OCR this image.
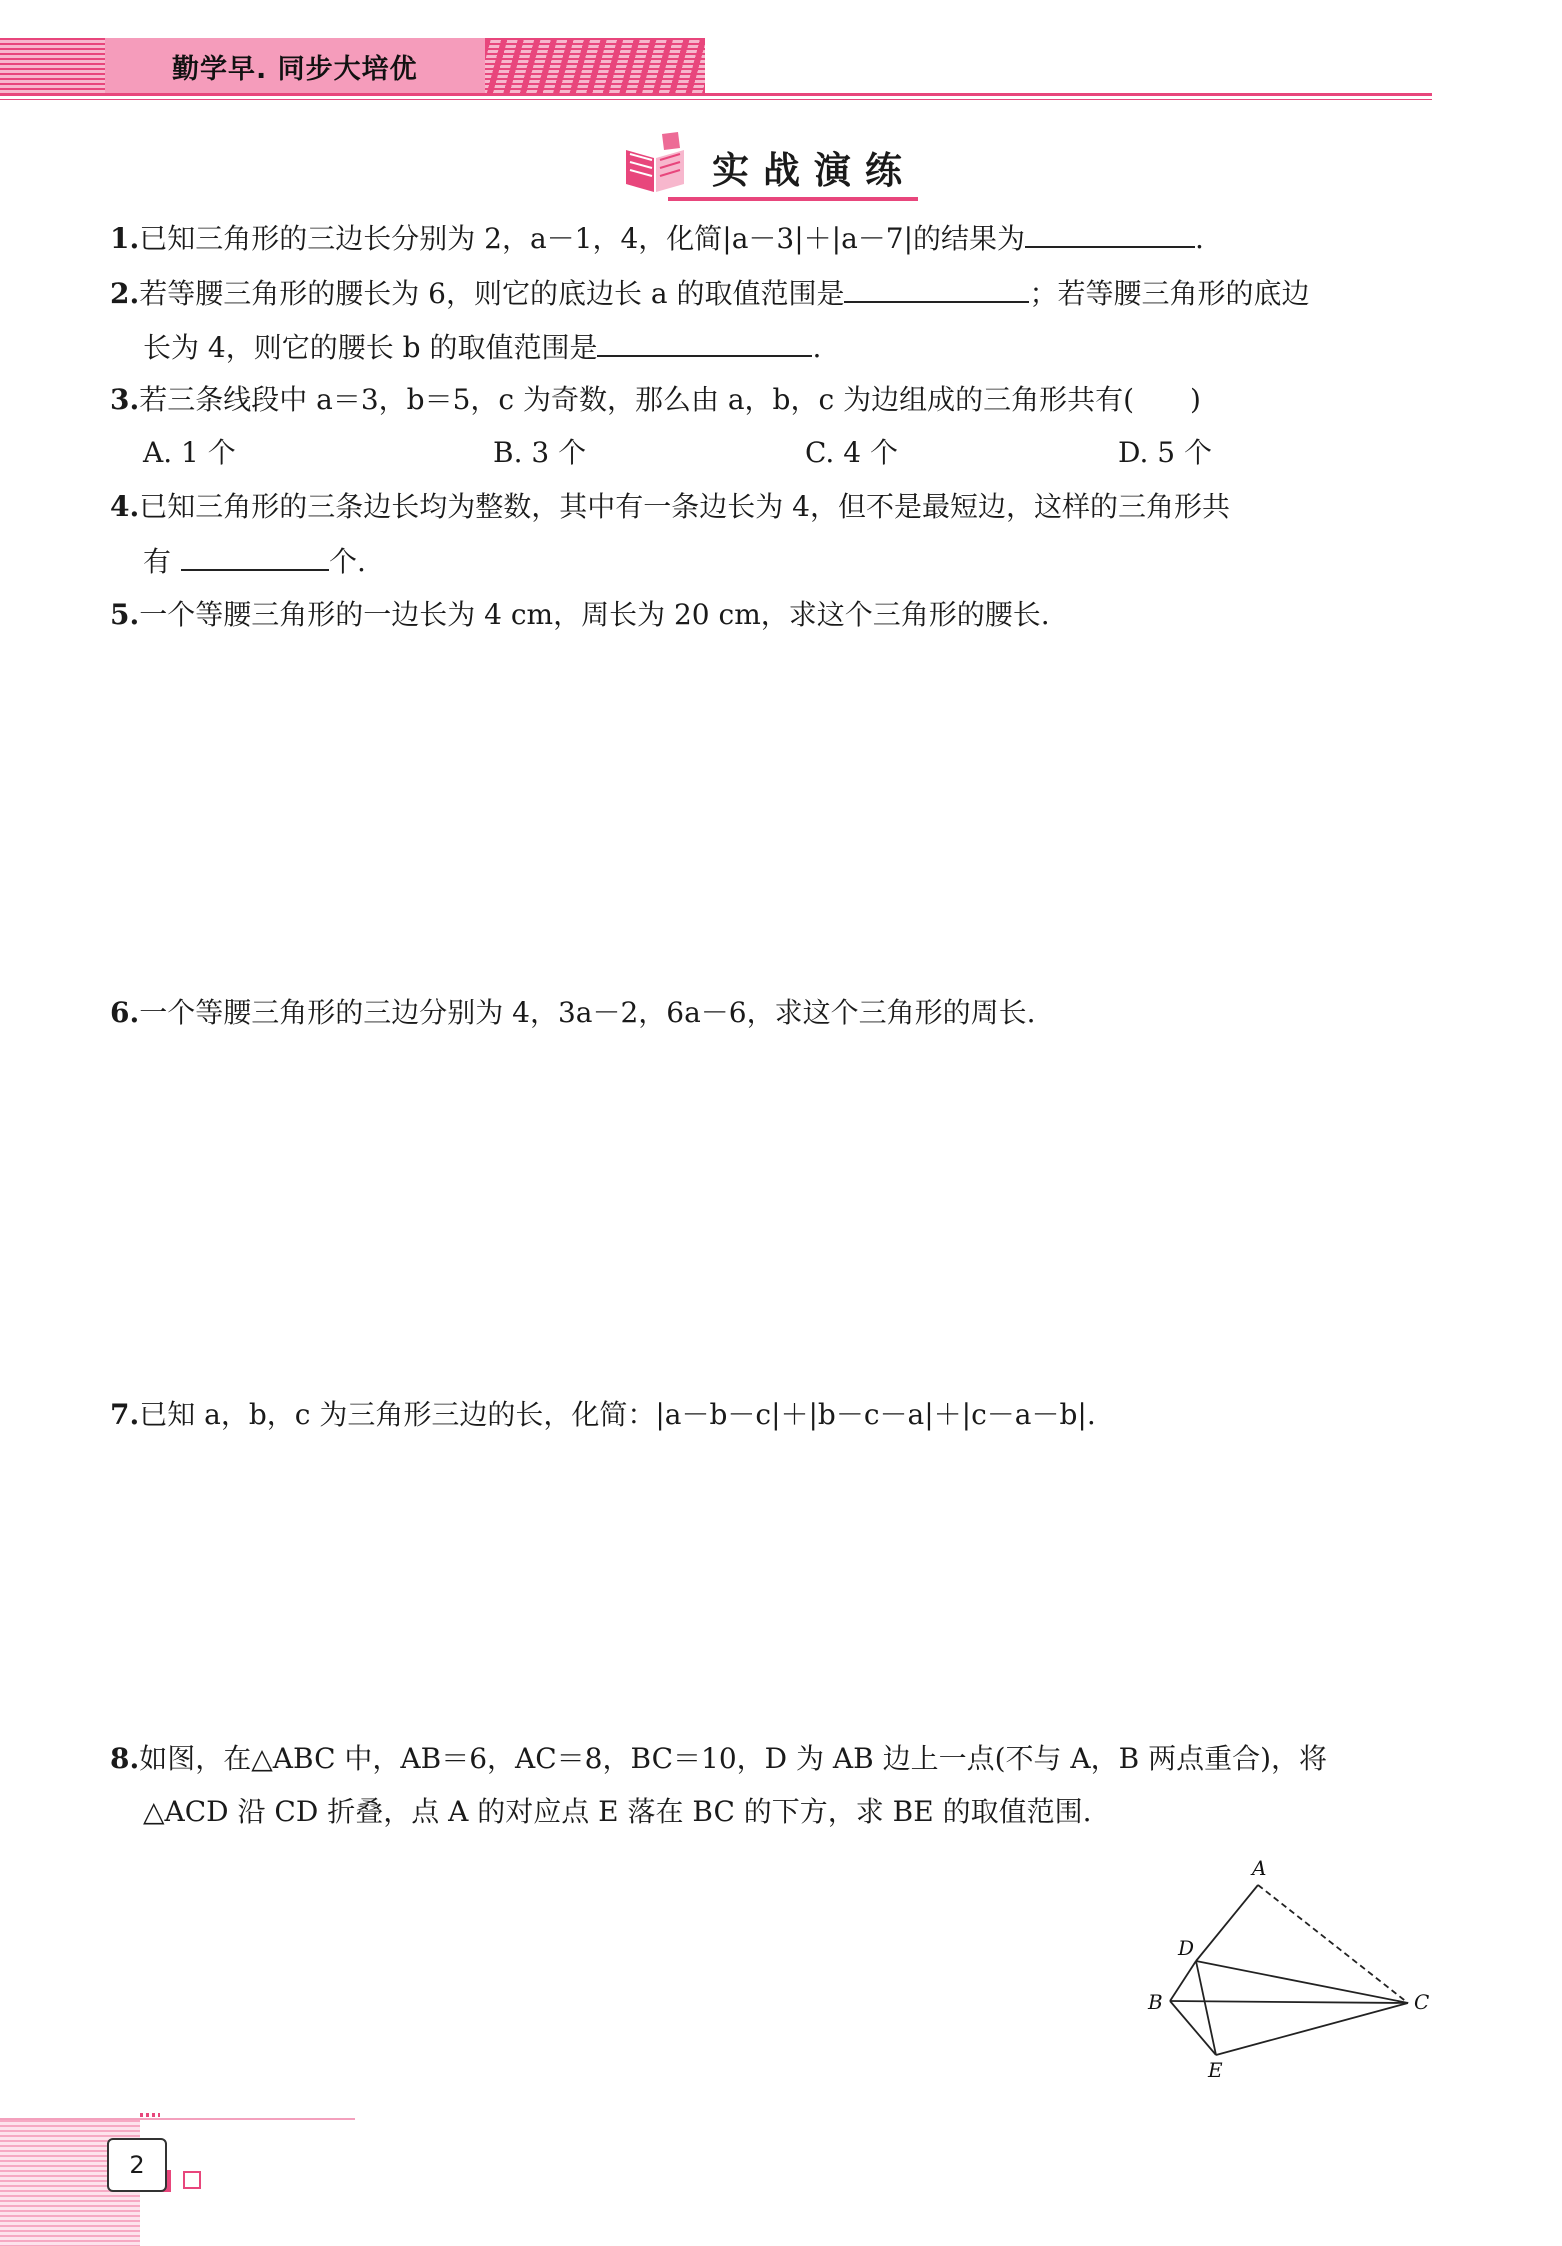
勤学早. 同步大培优
实战演练
1.已知三角形的三边长分别为 2，a－1，4，化简|a－3|＋|a－7|的结果为	.
2.若等腰三角形的腰长为 6，则它的底边长 a 的取值范围是	；若等腰三角形的底边
长为 4，则它的腰长 b 的取值范围是	.
3.若三条线段中 a＝3，b＝5，c 为奇数，那么由 a，b，c 为边组成的三角形共有(　　)
A. 1 个	B. 3 个	C. 4 个	D. 5 个
4.已知三角形的三条边长均为整数，其中有一条边长为 4，但不是最短边，这样的三角形共
有	个.
5.一个等腰三角形的一边长为 4 cm，周长为 20 cm，求这个三角形的腰长.
6.一个等腰三角形的三边分别为 4，3a－2，6a－6，求这个三角形的周长.
7.已知 a，b，c 为三角形三边的长，化简：|a－b－c|＋|b－c－a|＋|c－a－b|.
8.如图，在△ABC 中，AB＝6，AC＝8，BC＝10，D 为 AB 边上一点(不与 A，B 两点重合)，将
△ACD 沿 CD 折叠，点 A 的对应点 E 落在 BC 的下方，求 BE 的取值范围.
A
D
B	C
E
2
